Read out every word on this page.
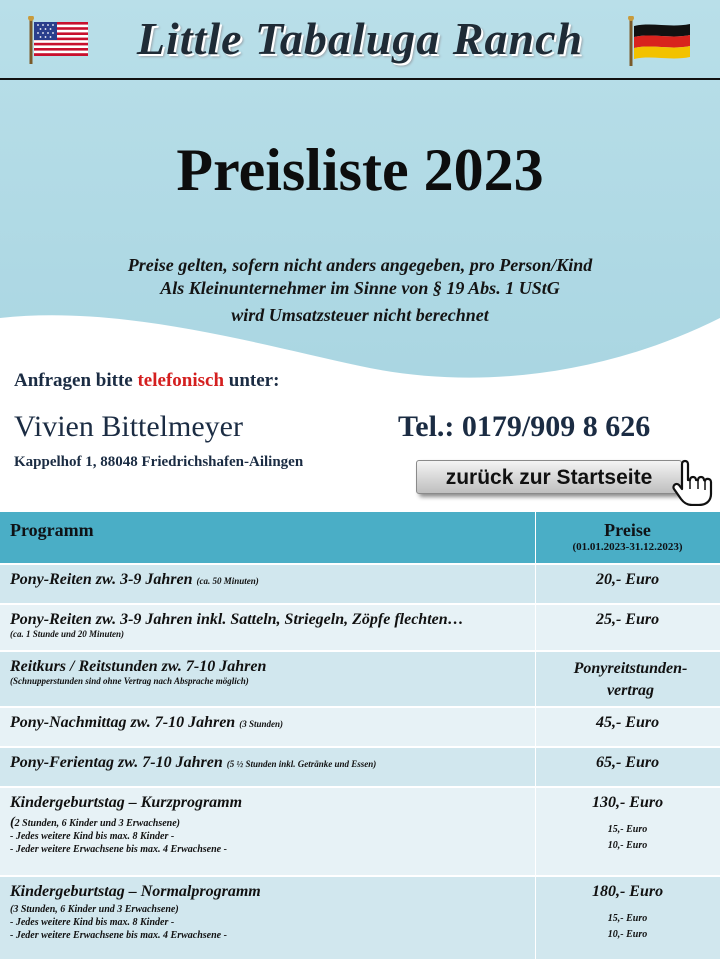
Little Tabaluga Ranch
Preisliste 2023
Preise gelten, sofern nicht anders angegeben, pro Person/Kind
Als Kleinunternehmer im Sinne von § 19 Abs. 1 UStG
wird Umsatzsteuer nicht berechnet
Anfragen bitte telefonisch unter:
Vivien Bittelmeyer	Tel.: 0179/909 8 626
Kappelhof 1, 88048 Friedrichshafen-Ailingen
zurück zur Startseite
Programm	Preise
(01.01.2023-31.12.2023)

Pony-Reiten zw. 3-9 Jahren (ca. 50 Minuten)	20,- Euro
Pony-Reiten zw. 3-9 Jahren inkl. Satteln, Striegeln, Zöpfe flechten…
(ca. 1 Stunde und 20 Minuten)	25,- Euro
Reitkurs / Reitstunden zw. 7-10 Jahren
(Schnupperstunden sind ohne Vertrag nach Absprache möglich)	Ponyreitstunden-vertrag
Pony-Nachmittag zw. 7-10 Jahren (3 Stunden)	45,- Euro
Pony-Ferientag zw. 7-10 Jahren (5 ½ Stunden inkl. Getränke und Essen)	65,- Euro
Kindergeburtstag – Kurzprogramm
(2 Stunden, 6 Kinder und 3 Erwachsene)
- Jedes weitere Kind bis max. 8 Kinder -
- Jeder weitere Erwachsene bis max. 4 Erwachsene -	130,- Euro
15,- Euro
10,- Euro

Kindergeburtstag – Normalprogramm
(3 Stunden, 6 Kinder und 3 Erwachsene)
- Jedes weitere Kind bis max. 8 Kinder -
- Jeder weitere Erwachsene bis max. 4 Erwachsene -	180,- Euro
15,- Euro
10,- Euro
